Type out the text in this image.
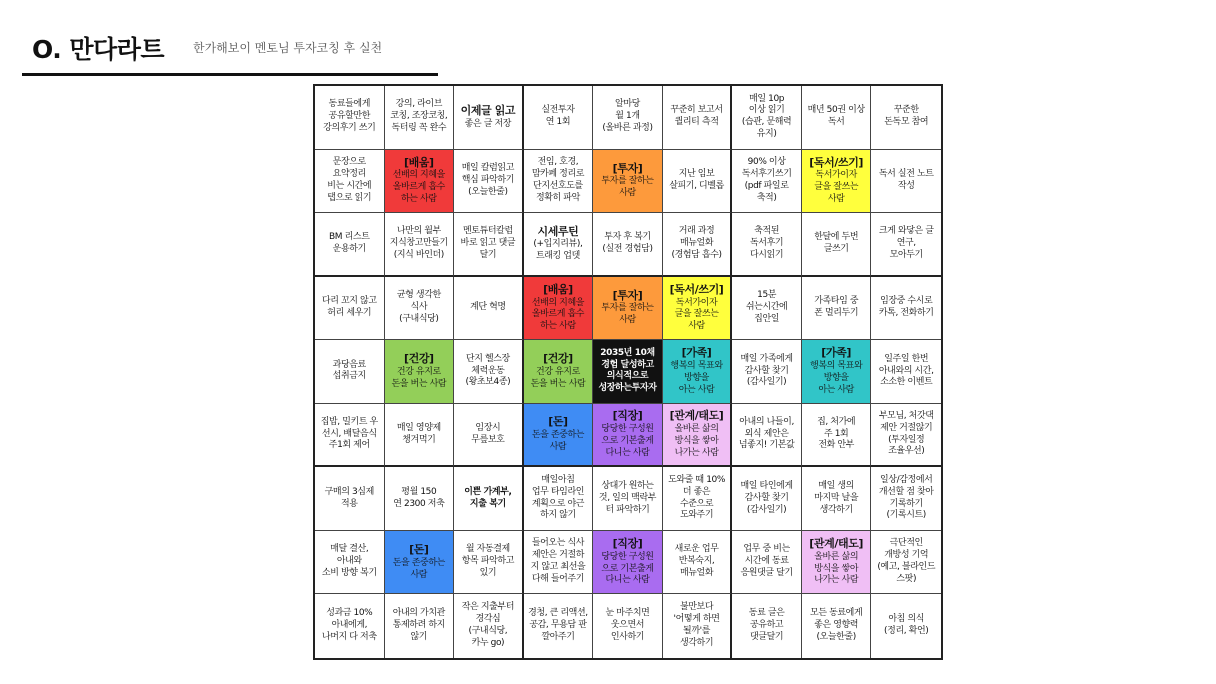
O. 만다라트 한가해보이 멘토님 투자코칭 후 실천
동료들에게
공유할만한
강의후기 쓰기
강의, 라이브
코칭, 조장코칭,
독터링 꼭 완수
이제글 읽고
좋은 글 저장
실전투자
연 1회
알마당
월 1개
(올바른 과정)
꾸준히 보고서
퀄리티 측적
매일 10p
이상 읽기
(습관, 문해력
유지)
매년 50권 이상
독서
꾸준한
돈독모 참여
문장으로
요약정리
비는 시간에
탭으로 읽기
[배움]
선배의 지혜을
올바르게 흡수
하는 사람
매일 칼럼읽고
핵심 파악하기
(오늘한줄)
전임, 호경,
맘카페 정리로
단지선호도를
정확히 파악
[투자]
투자를 잘하는
사람
지난 임보
살피기, 디벨롭
90% 이상
독서후기쓰기
(pdf 파일로
축적)
[독서/쓰기]
독서가이자
글을 잘쓰는
사람
독서 실전 노트
작성
BM 리스트
운용하기
나만의 월부
지식창고만들기
(지식 바인더)
멘토튜터칼럼
바로 읽고 댓글
달기
시세루틴
(+입지리뷰),
트래킹 업뎃
투자 후 복기
(실전 경험담)
거래 과정
매뉴얼화
(경험담 흡수)
축적된
독서후기
다시읽기
한달에 두번
글쓰기
크게 와닿은 글
연구,
모아두기
다리 꼬지 않고
허리 세우기
균형 생각한
식사
(구내식당)
계단 혁명
[배움]
선배의 지혜을
올바르게 흡수
하는 사람
[투자]
투자를 잘하는
사람
[독서/쓰기]
독서가이자
글을 잘쓰는
사람
15분
쉬는시간에
집안일
가족타임 중
폰 멀리두기
임장중 수시로
카톡, 전화하기
과당음료
섭취금지
[건강]
건강 유지로
돈을 버는 사람
단지 헬스장
체력운동
(왕초보4종)
[건강]
건강 유지로
돈을 버는 사람
2035년 10채
경험 달성하고
의식적으로
성장하는투자자
[가족]
행복의 목표와
방향을
아는 사람
매일 가족에게
감사할 찾기
(감사일기)
[가족]
행복의 목표와
방향을
아는 사람
일주일 한번
아내와의 시간,
소소한 이벤트
집밥, 밀키트 우
선시, 배달음식
주1회 제어
매일 영양제
챙겨먹기
임장시
무릎보호
[돈]
돈을 존중하는
사람
[직장]
당당한 구성원
으로 기본출게
다니는 사람
[관계/태도]
올바른 삶의
방식을 쌓아
나가는 사람
아내의 나들이,
외식 제안은
넘좋지! 기본값
집, 처가에
주 1회
전화 안부
부모님, 처갓댁
제안 거절않기
(투자일정
조율우선)
구매의 3심제
적용
평월 150
연 2300 저축
이쁜 가계부,
지출 복기
매일아침
업무 타임라인
계획으로 야근
하지 않기
상대가 원하는
것, 일의 맥락부
터 파악하기
도와줄 때 10%
더 좋은
수준으로
도와주기
매일 타인에게
감사할 찾기
(감사일기)
매일 생의
마지막 날을
생각하기
일상/감정에서
개선할 점 찾아
기록하기
(기록시트)
매달 결산,
아내와
소비 방향 복기
[돈]
돈을 존중하는
사람
월 자동결제
항목 파악하고
있기
들어오는 식사
제안은 거절하
지 않고 최선을
다해 들어주기
[직장]
당당한 구성원
으로 기본출게
다니는 사람
새로운 업무
반복숙지,
매뉴얼화
업무 중 비는
시간에 동료
응원댓글 달기
[관계/태도]
올바른 삶의
방식을 쌓아
나가는 사람
극단적인
개방성 기억
(예고, 블라인드
스팟)
성과금 10%
아내에게,
나머지 다 저축
아내의 가치관
통제하려 하지
않기
작은 지출부터
경각심
(구내식당,
카누 go)
경청, 큰 리액션,
공감, 무용담 판
깔아주기
눈 마주치면
웃으면서
인사하기
불만보다
'어떻게 하면
될까'를
생각하기
동료 글은
공유하고
댓글달기
모든 동료에게
좋은 영향력
(오늘한줄)
아침 의식
(정리, 확언)
